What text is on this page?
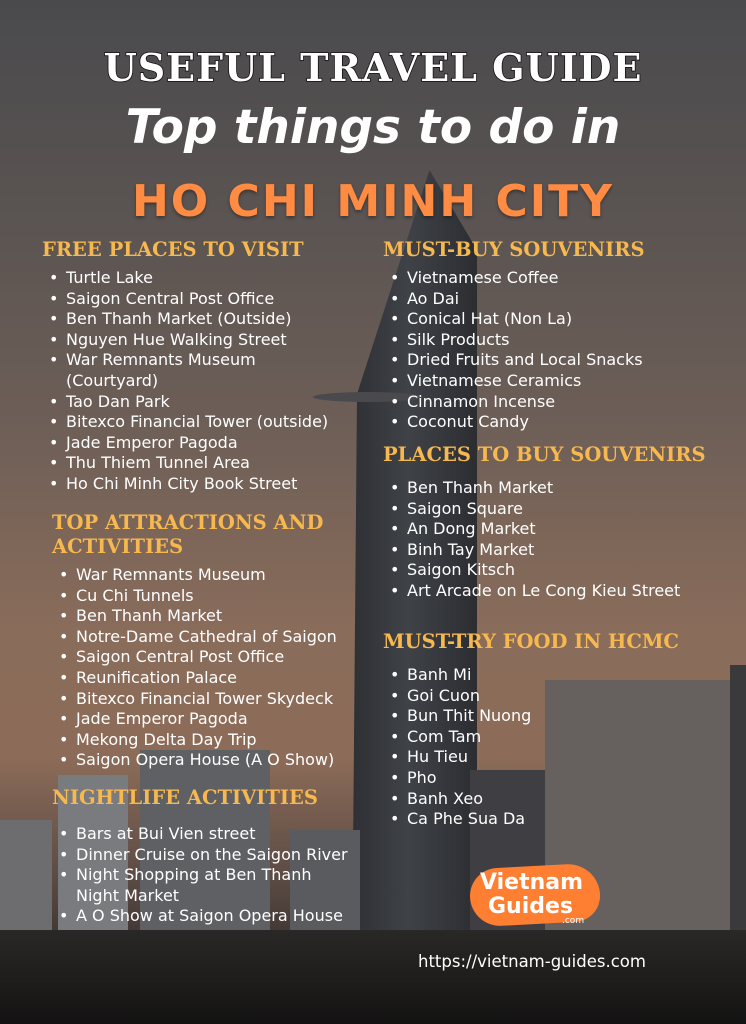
USEFUL TRAVEL GUIDE
Top things to do in
HO CHI MINH CITY
FREE PLACES TO VISIT
• Turtle Lake
• Saigon Central Post Office
• Ben Thanh Market (Outside)
• Nguyen Hue Walking Street
• War Remnants Museum (Courtyard)
• Tao Dan Park
• Bitexco Financial Tower (outside)
• Jade Emperor Pagoda
• Thu Thiem Tunnel Area
• Ho Chi Minh City Book Street
TOP ATTRACTIONS AND ACTIVITIES
• War Remnants Museum
• Cu Chi Tunnels
• Ben Thanh Market
• Notre-Dame Cathedral of Saigon
• Saigon Central Post Office
• Reunification Palace
• Bitexco Financial Tower Skydeck
• Jade Emperor Pagoda
• Mekong Delta Day Trip
• Saigon Opera House (A O Show)
NIGHTLIFE ACTIVITIES
• Bars at Bui Vien street
• Dinner Cruise on the Saigon River
• Night Shopping at Ben Thanh Night Market
• A O Show at Saigon Opera House
MUST-BUY SOUVENIRS
• Vietnamese Coffee
• Ao Dai
• Conical Hat (Non La)
• Silk Products
• Dried Fruits and Local Snacks
• Vietnamese Ceramics
• Cinnamon Incense
• Coconut Candy
PLACES TO BUY SOUVENIRS
• Ben Thanh Market
• Saigon Square
• An Dong Market
• Binh Tay Market
• Saigon Kitsch
• Art Arcade on Le Cong Kieu Street
MUST-TRY FOOD IN HCMC
• Banh Mi
• Goi Cuon
• Bun Thit Nuong
• Com Tam
• Hu Tieu
• Pho
• Banh Xeo
• Ca Phe Sua Da
Vietnam
Guides
.com
https://vietnam-guides.com
